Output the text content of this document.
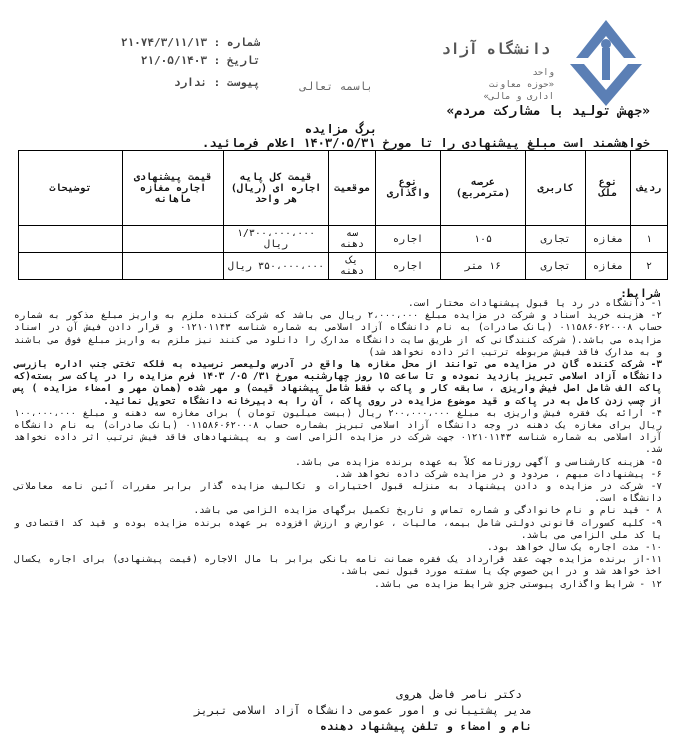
دانشگاه آزاد
واحد
«حوزه معاونت
اداری و مالی»
شماره : ۲۱۰۷۴/۳/۱۱/۱۳
تاریخ : ۲۱/۰۵/۱۴۰۳
پیوست : ندارد	باسمه تعالی
«جهش تولید با مشارکت مردم»
برگ مزایده
خواهشمند است مبلغ پیشنهادی را تا مورخ ۱۴۰۳/۰۵/۳۱ اعلام فرمائید.
ردیف	نوع ملک	کاربری	عرصه (مترمربع)	نوع واگذاری	موقعیت	قیمت کل پایه اجاره ای (ریال) هر واحد	قیمت پیشنهادی اجاره مغازه ماهانه	توضیحات
۱	مغازه	تجاری	۱۰۵	اجاره	سه دهنه	۱/۳۰۰،۰۰۰،۰۰۰ ریال		
۲	مغازه	تجاری	۱۶ متر	اجاره	یک دهنه	۳۵۰،۰۰۰،۰۰۰ ریال		
شرایط:

۱- دانشگاه در رد یا قبول پیشنهادات مختار است.

۲- هزینه خرید اسناد و شرکت در مزایده مبلغ ۲،۰۰۰،۰۰۰ ریال می باشد که شرکت کننده ملزم به واریز مبلغ مذکور به شماره حساب ۰۱۱۵۸۶۰۶۲۰۰۰۸ (بانک صادرات) به نام دانشگاه آزاد اسلامی به شماره شناسه ۰۱۲۱۰۱۱۴۳ و قرار دادن فیش آن در اسناد مزایده می باشد.( شرکت کنندگانی که از طریق سایت دانشگاه مدارک را دانلود می کنند نیز ملزم به واریز مبلغ فوق می باشند و به مدارک فاقد فیش مربوطه ترتیب اثر داده نخواهد شد)

۳- شرکت کننده گان در مزایده می توانند از محل مغازه ها واقع در آدرس ولیعصر نرسیده به فلکه تختی جنب اداره بازرسی دانشگاه آزاد اسلامی تبریز بازدید نموده و تا ساعت ۱۵ روز چهارشنبه مورخ ۳۱/ ۰۵/ ۱۴۰۳ فرم مزایده را در پاکت سر بسته(که پاکت الف شامل اصل فیش واریزی ، سابقه کار و پاکت ب فقط شامل پیشنهاد قیمت) و مهر شده (همان مهر و امضاء مزایده ) پس از چسب زدن کامل به در پاکت و قید موضوع مزایده در روی پاکت ، آن را به دبیرخانه دانشگاه تحویل نمائید.

۴- ارائه یک فقره فیش واریزی به مبلغ ۲۰۰،۰۰۰،۰۰۰ ریال (بیست میلیون تومان ) برای مغازه سه دهنه و مبلغ ۱۰۰،۰۰۰،۰۰۰ ریال برای مغازه یک دهنه در وجه دانشگاه آزاد اسلامی تبریز بشماره حساب ۰۱۱۵۸۶۰۶۲۰۰۰۸ (بانک صادرات) به نام دانشگاه آزاد اسلامی به شماره شناسه ۰۱۲۱۰۱۱۴۳ جهت شرکت در مزایده الزامی است و به پیشنهادهای فاقد فیش ترتیب اثر داده نخواهد شد.

۵- هزینه کارشناسی و آگهی روزنامه کلاً به عهده برنده مزایده می باشد.

۶- پیشنهادات مبهم ، مردود و در مزایده شرکت داده نخواهد شد.

۷- شرکت در مزایده و دادن پیشنهاد به منزله قبول اختیارات و تکالیف مزایده گذار برابر مقررات آئین نامه معاملاتی دانشگاه است.

۸ - قید نام و نام خانوادگی و شماره تماس و تاریخ تکمیل برگهای مزایده الزامی می باشد.

۹- کلیه کسورات قانونی دولتی شامل بیمه، مالیات ، عوارض و ارزش افزوده بر عهده برنده مزایده بوده و قید کد اقتصادی و یا کد ملی الزامی می باشد.

۱۰- مدت اجاره یک سال خواهد بود.

۱۱-از برنده مزایده جهت عقد قرارداد یک فقره ضمانت نامه بانکی برابر با مال الاجاره (قیمت پیشنهادی) برای اجاره یکسال اخذ خواهد شد و در این خصوص چک یا سفته مورد قبول نمی باشد.

۱۲ - شرایط واگذاری پیوستی جزو شرایط مزایده می باشد.

دکتر ناصر فاضل هروی
مدیر پشتیبانی و امور عمومی دانشگاه آزاد اسلامی تبریز
نام و امضاء و تلفن پیشنهاد دهنده
